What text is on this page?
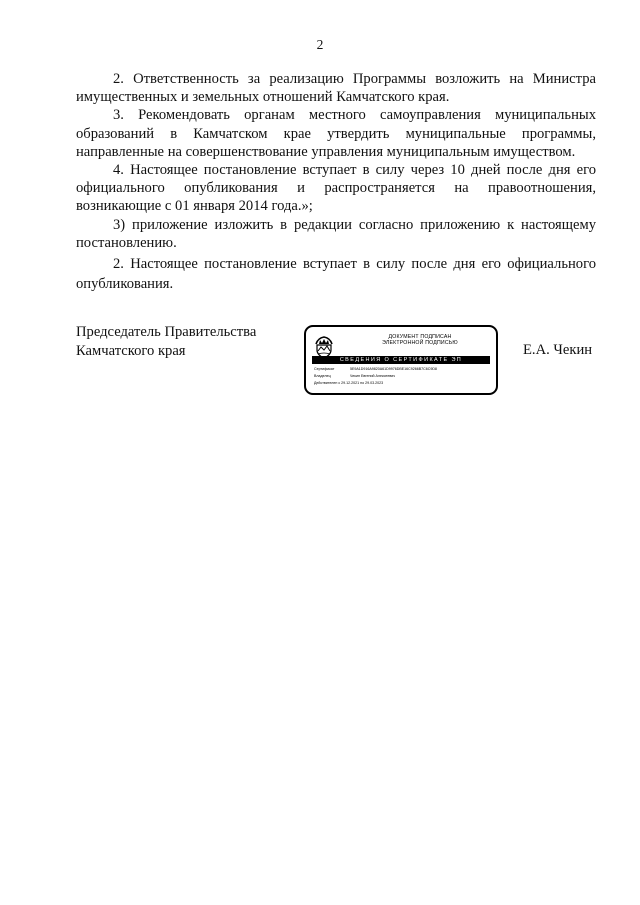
2

2. Ответственность за реализацию Программы возложить на Министра имущественных и земельных отношений Камчатского края.

3. Рекомендовать органам местного самоуправления муниципальных образований в Камчатском крае утвердить муниципальные программы, направленные на совершенствование управления муниципальным имуществом.

4. Настоящее постановление вступает в силу через 10 дней после дня его официального опубликования и распространяется на правоотношения, возникающие с 01 января 2014 года.»;

3) приложение изложить в редакции согласно приложению к настоящему постановлению.

2. Настоящее постановление вступает в силу после дня его официального опубликования.

Председатель Правительства
Камчатского края
ДОКУМЕНТ ПОДПИСАН
ЭЛЕКТРОННОЙ ПОДПИСЬЮ
СВЕДЕНИЯ О СЕРТИФИКАТЕ ЭП
Сертификат	5E9A1D916A9820A61D9976DBE16C9266B7C6C9D8
Владелец	Чекин Евгений Алексеевич
Действителен с 29.12.2021 по 29.03.2023
Е.А. Чекин
